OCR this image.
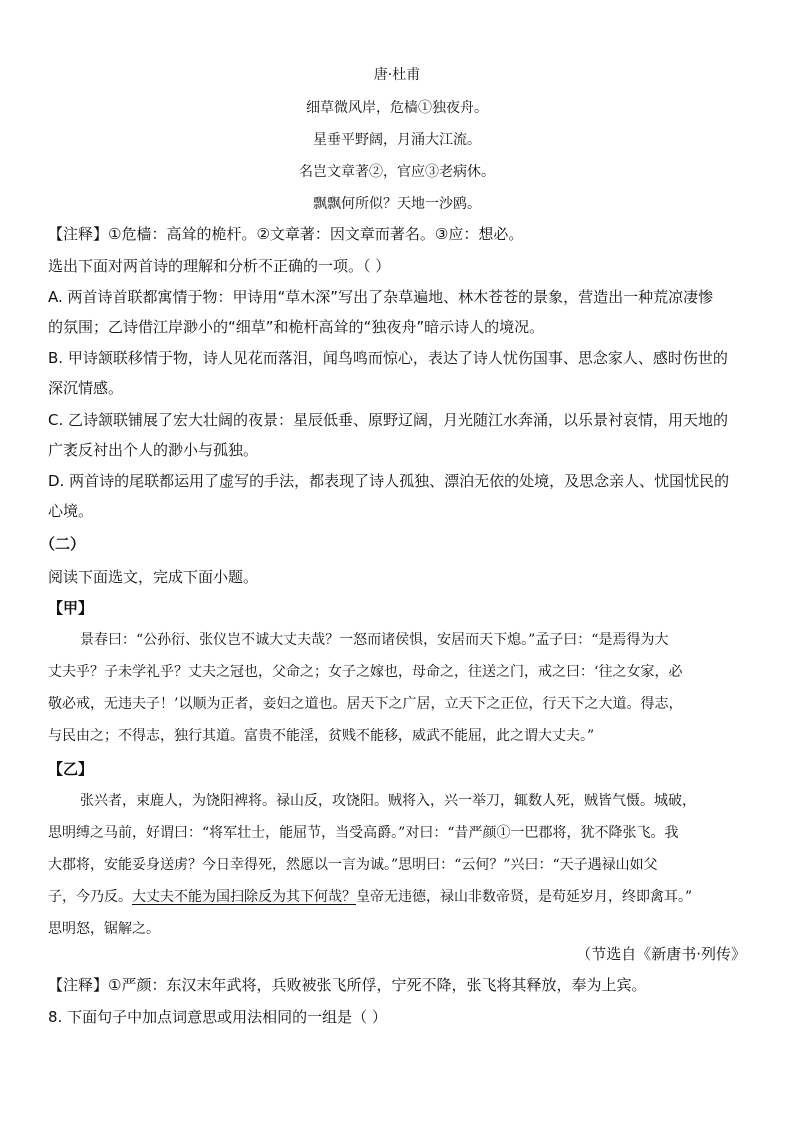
唐·杜甫
细草微风岸，危樯①独夜舟。
星垂平野阔，月涌大江流。
名岂文章著②，官应③老病休。
飘飘何所似？天地一沙鸥。
【注释】①危樯：高耸的桅杆。②文章著：因文章而著名。③应：想必。
选出下面对两首诗的理解和分析不正确的一项。（ ）
A. 两首诗首联都寓情于物：甲诗用“草木深”写出了杂草遍地、林木苍苍的景象，营造出一种荒凉凄惨
的氛围；乙诗借江岸渺小的“细草”和桅杆高耸的“独夜舟”暗示诗人的境况。
B. 甲诗颔联移情于物，诗人见花而落泪，闻鸟鸣而惊心，表达了诗人忧伤国事、思念家人、感时伤世的
深沉情感。
C. 乙诗颔联铺展了宏大壮阔的夜景：星辰低垂、原野辽阔，月光随江水奔涌，以乐景衬哀情，用天地的
广袤反衬出个人的渺小与孤独。
D. 两首诗的尾联都运用了虚写的手法，都表现了诗人孤独、漂泊无依的处境，及思念亲人、忧国忧民的
心境。
（二）
阅读下面选文，完成下面小题。
【甲】
景春曰：“公孙衍、张仪岂不诚大丈夫哉？一怒而诸侯惧，安居而天下熄。”孟子曰：“是焉得为大
丈夫乎？子未学礼乎？丈夫之冠也，父命之；女子之嫁也，母命之，往送之门，戒之曰：‘往之女家，必
敬必戒，无违夫子！’以顺为正者，妾妇之道也。居天下之广居，立天下之正位，行天下之大道。得志，
与民由之；不得志，独行其道。富贵不能淫，贫贱不能移，威武不能屈，此之谓大丈夫。”
【乙】
张兴者，束鹿人，为饶阳裨将。禄山反，攻饶阳。贼将入，兴一举刀，辄数人死，贼皆气慑。城破，
思明缚之马前，好谓曰：“将军壮士，能屈节，当受高爵。”对曰：“昔严颜①一巴郡将，犹不降张飞。我
大郡将，安能妥身送虏？今日幸得死，然愿以一言为诚。”思明曰：“云何？”兴曰：“天子遇禄山如父
子，今乃反。大丈夫不能为国扫除反为其下何哉？皇帝无违德，禄山非数帝贤，是苟延岁月，终即禽耳。”
思明怒，锯解之。
（节选自《新唐书·列传》
【注释】①严颜：东汉末年武将，兵败被张飞所俘，宁死不降，张飞将其释放，奉为上宾。
8. 下面句子中加点词意思或用法相同的一组是（ ）
